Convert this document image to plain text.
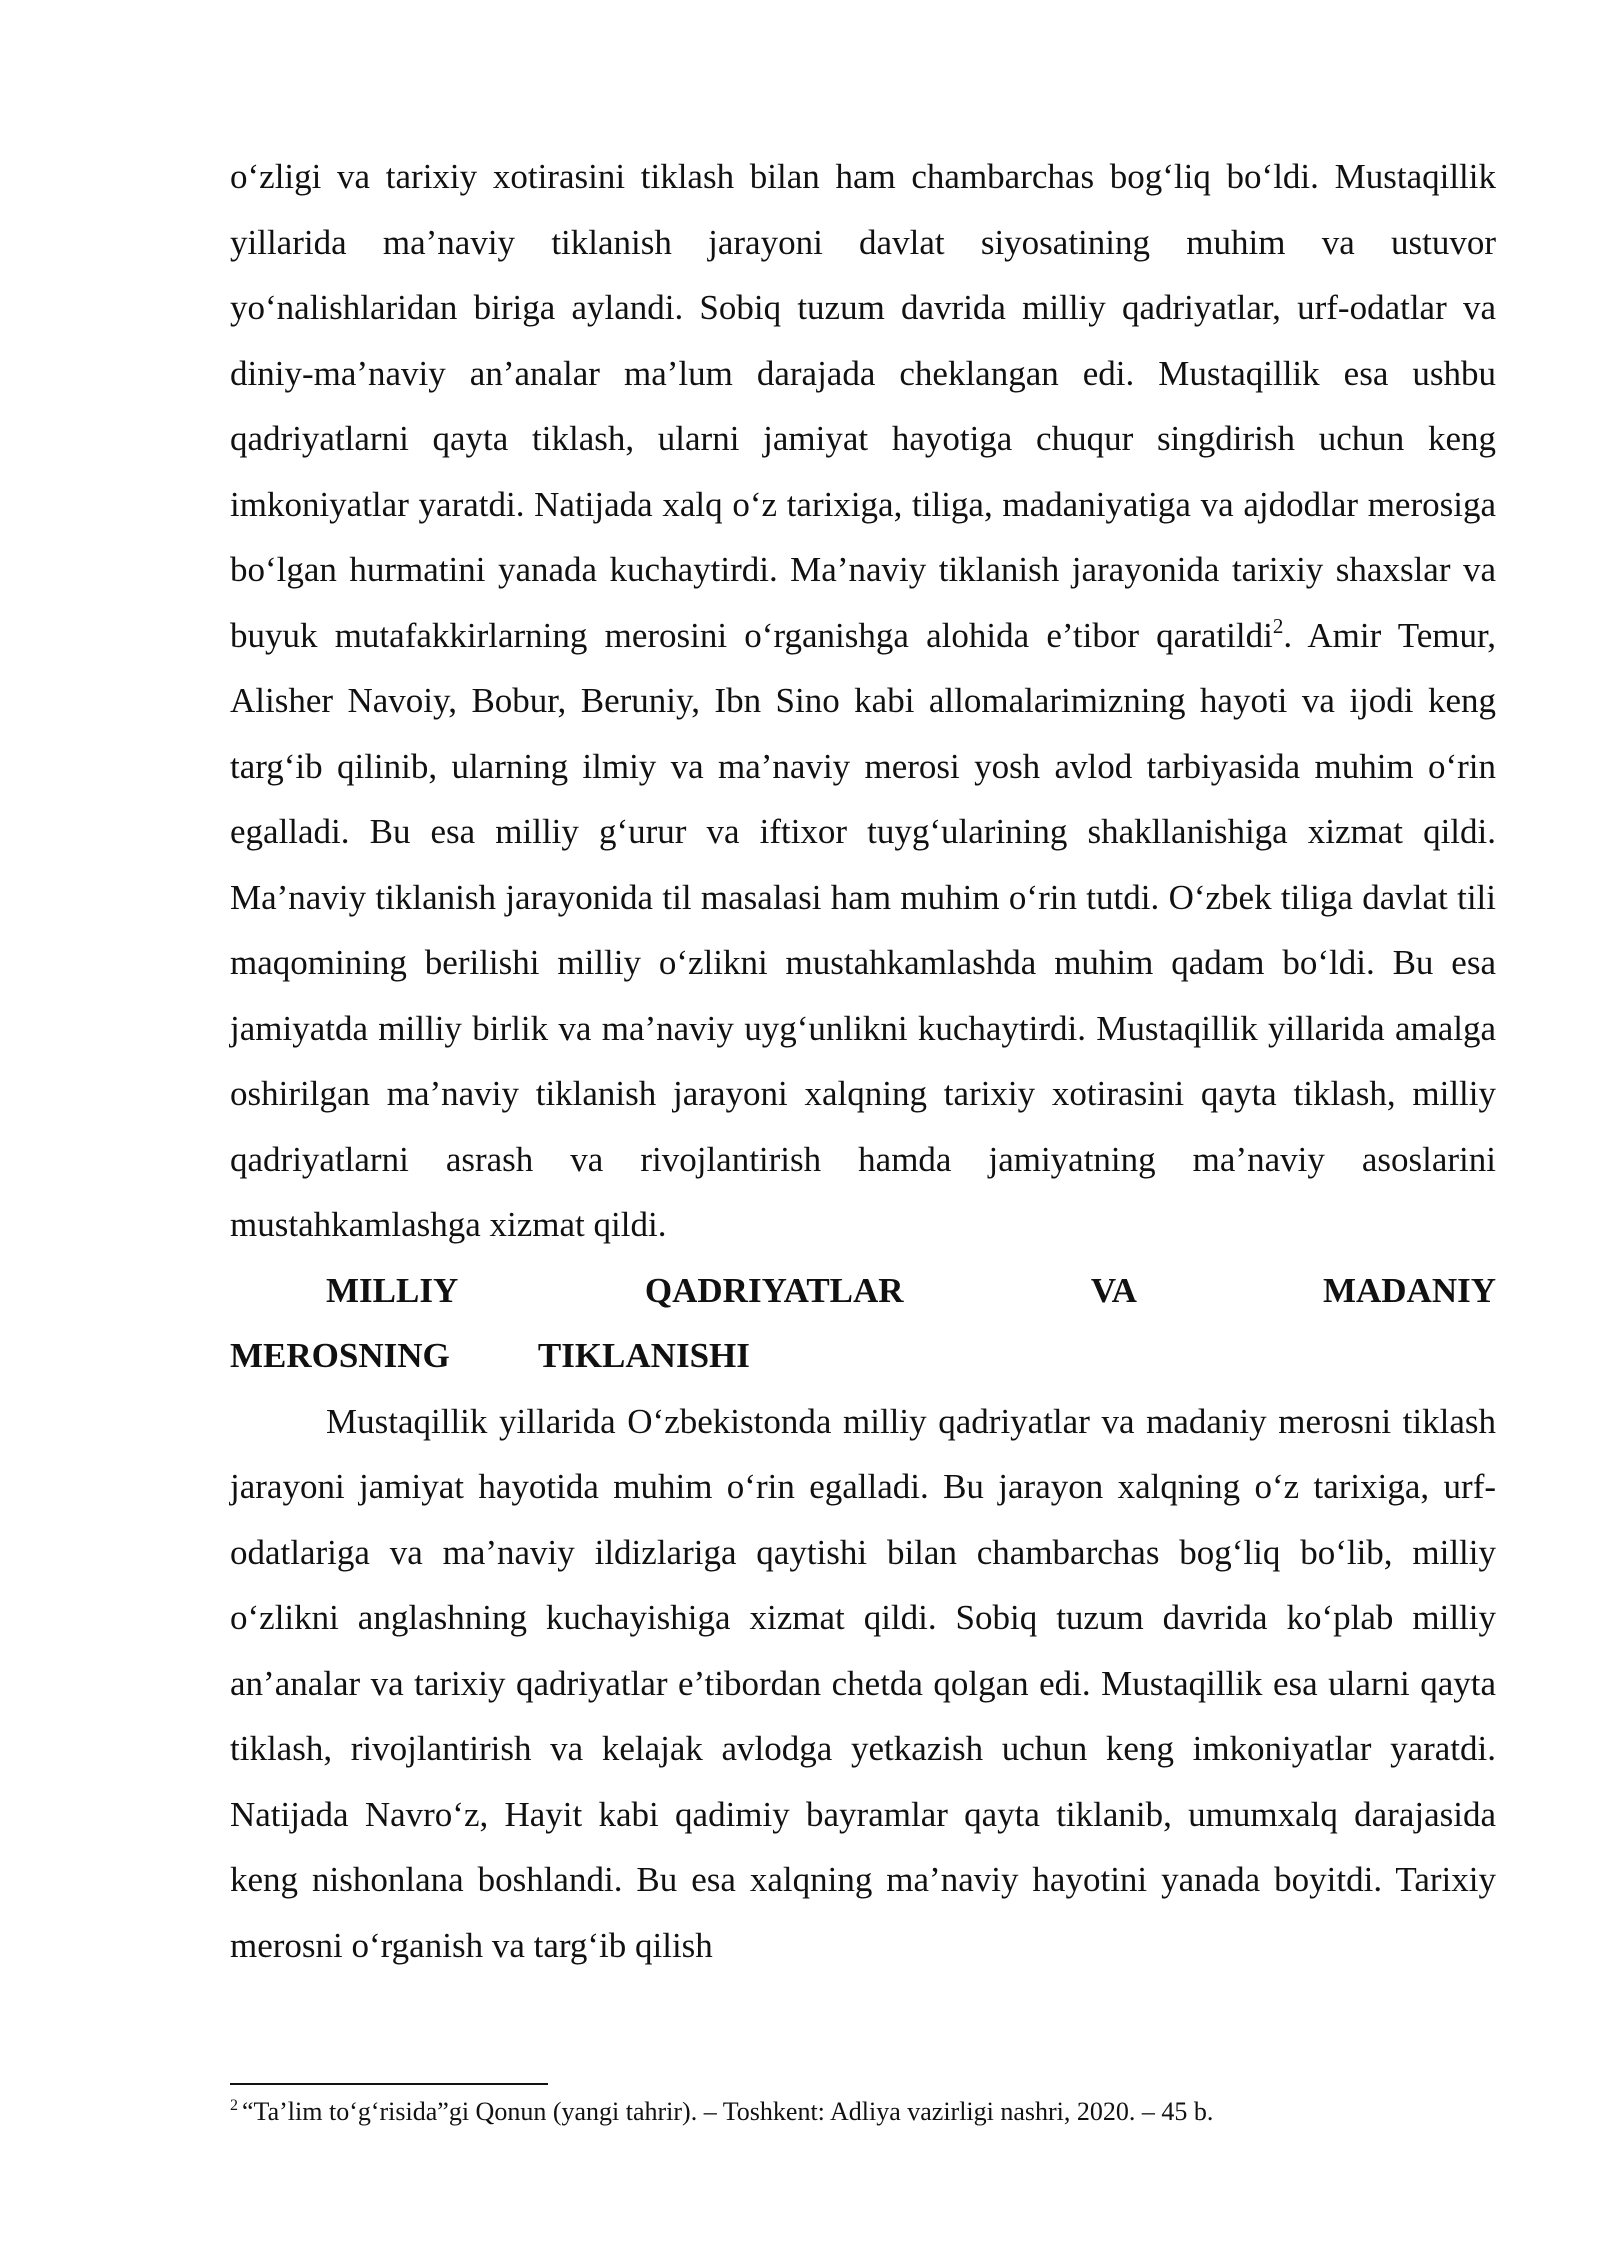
o‘zligi va tarixiy xotirasini tiklash bilan ham chambarchas bog‘liq bo‘ldi. Mustaqillik yillarida ma’naviy tiklanish jarayoni davlat siyosatining muhim va ustuvor yo‘nalishlaridan biriga aylandi. Sobiq tuzum davrida milliy qadriyatlar, urf-odatlar va diniy-ma’naviy an’analar ma’lum darajada cheklangan edi. Mustaqillik esa ushbu qadriyatlarni qayta tiklash, ularni jamiyat hayotiga chuqur singdirish uchun keng imkoniyatlar yaratdi. Natijada xalq o‘z tarixiga, tiliga, madaniyatiga va ajdodlar merosiga bo‘lgan hurmatini yanada kuchaytirdi. Ma’naviy tiklanish jarayonida tarixiy shaxslar va buyuk mutafakkirlarning merosini o‘rganishga alohida e’tibor qaratildi$^2$. Amir Temur, Alisher Navoiy, Bobur, Beruniy, Ibn Sino kabi allomalarimizning hayoti va ijodi keng targ‘ib qilinib, ularning ilmiy va ma’naviy merosi yosh avlod tarbiyasida muhim o‘rin egalladi. Bu esa milliy g‘urur va iftixor tuyg‘ularining shakllanishiga xizmat qildi. Ma’naviy tiklanish jarayonida til masalasi ham muhim o‘rin tutdi. O‘zbek tiliga davlat tili maqomining berilishi milliy o‘zlikni mustahkamlashda muhim qadam bo‘ldi. Bu esa jamiyatda milliy birlik va ma’naviy uyg‘unlikni kuchaytirdi. Mustaqillik yillarida amalga oshirilgan ma’naviy tiklanish jarayoni xalqning tarixiy xotirasini qayta tiklash, milliy qadriyatlarni asrash va rivojlantirish hamda jamiyatning ma’naviy asoslarini mustahkamlashga xizmat qildi.

MILLIY QADRIYATLAR VA MADANIY MEROSNING TIKLANISHI

Mustaqillik yillarida O‘zbekistonda milliy qadriyatlar va madaniy merosni tiklash jarayoni jamiyat hayotida muhim o‘rin egalladi. Bu jarayon xalqning o‘z tarixiga, urf-odatlariga va ma’naviy ildizlariga qaytishi bilan chambarchas bog‘liq bo‘lib, milliy o‘zlikni anglashning kuchayishiga xizmat qildi. Sobiq tuzum davrida ko‘plab milliy an’analar va tarixiy qadriyatlar e’tibordan chetda qolgan edi. Mustaqillik esa ularni qayta tiklash, rivojlantirish va kelajak avlodga yetkazish uchun keng imkoniyatlar yaratdi. Natijada Navro‘z, Hayit kabi qadimiy bayramlar qayta tiklanib, umumxalq darajasida keng nishonlana boshlandi. Bu esa xalqning ma’naviy hayotini yanada boyitdi. Tarixiy merosni o‘rganish va targ‘ib qilish

$^2$ “Ta’lim to‘g‘risida”gi Qonun (yangi tahrir). – Toshkent: Adliya vazirligi nashri, 2020. – 45 b.
